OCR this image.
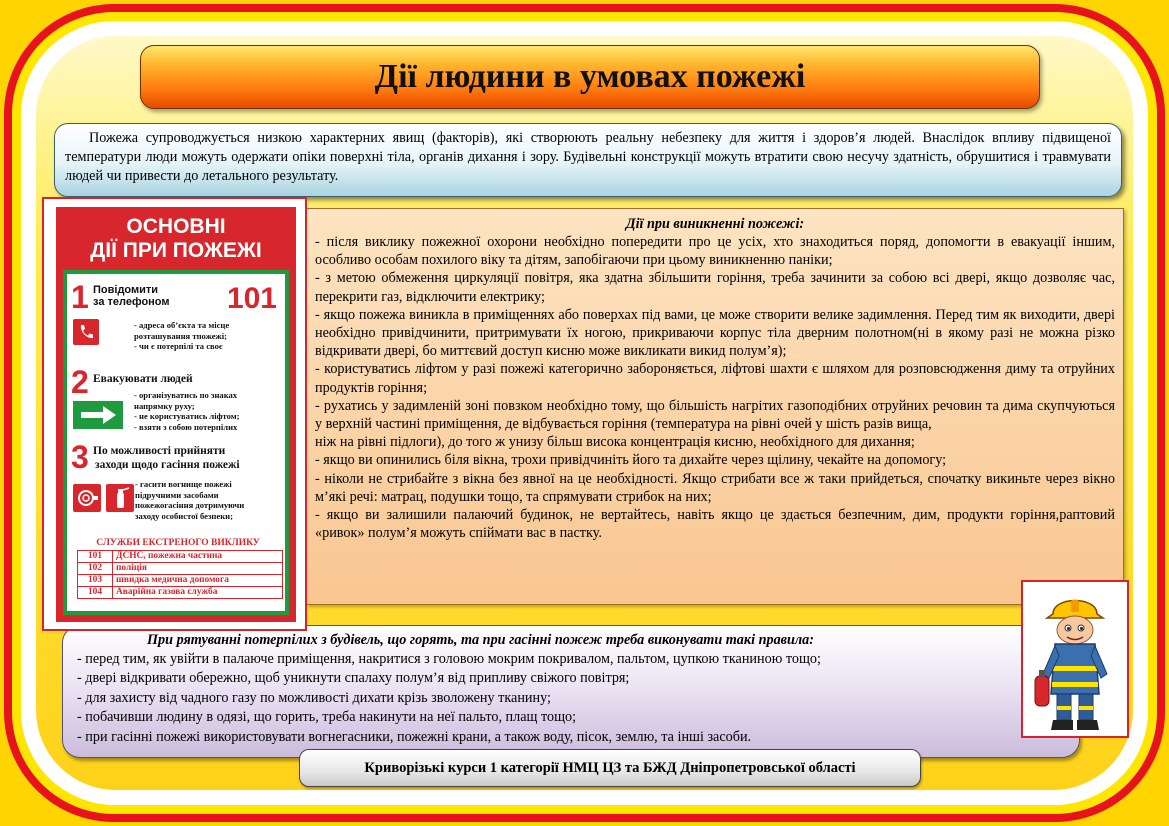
Дії людини в умовах пожежі

Пожежа супроводжується низкою характерних явищ (факторів), які створюють реальну небезпеку для життя і здоров’я людей. Внаслідок впливу підвищеної температури люди можуть одержати опіки поверхні тіла, органів дихання і зору. Будівельні конструкції можуть втратити свою несучу здатність, обрушитися і травмувати людей чи привести до летального результату.

Дії при виникненні пожежі:

- після виклику пожежної охорони необхідно попередити про це усіх, хто знаходиться поряд, допомогти в евакуації іншим, особливо особам похилого віку та дітям, запобігаючи при цьому виникненню паніки;

- з метою обмеження циркуляції повітря, яка здатна збільшити горіння, треба зачинити за собою всі двері, якщо дозволяє час, перекрити газ, відключити електрику;

- якщо пожежа виникла в приміщеннях або поверхах під вами, це може створити велике задимлення. Перед тим як виходити, двері необхідно привідчинити, притримувати їх ногою, прикриваючи корпус тіла дверним полотном(ні в якому разі не можна різко відкривати двері, бо миттєвий доступ кисню може викликати викид полум’я);

- користуватись ліфтом у разі пожежі категорично забороняється, ліфтові шахти є шляхом для розповсюдження диму та отруйних продуктів горіння;

- рухатись у задимленій зоні повзком необхідно тому, що більшість нагрітих газоподібних отруйних речовин та дима скупчуються у верхній частині приміщення, де відбувається горіння (температура на рівні очей у шість разів вища,

ніж на рівні підлоги), до того ж унизу більш висока концентрація кисню, необхідного для дихання;

- якщо ви опинились біля вікна, трохи привідчиніть його та дихайте через щілину, чекайте на допомогу;

- ніколи не стрибайте з вікна без явної на це необхідності. Якщо стрибати все ж таки прийдеться, спочатку викиньте через вікно м’які речі: матрац, подушки тощо, та спрямувати стрибок на них;

- якщо ви залишили палаючий будинок, не вертайтесь, навіть якщо це здається безпечним, дим, продукти горіння,раптовий «ривок» полум’я можуть спіймати вас в пастку.

При рятуванні потерпілих з будівель, що горять, та при гасінні пожеж треба виконувати такі правила:

- перед тим, як увійти в палаюче приміщення, накритися з головою мокрим покривалом, пальтом, цупкою тканиною тощо;

- двері відкривати обережно, щоб уникнути спалаху полум’я від припливу свіжого повітря;

- для захисту від чадного газу по можливості дихати крізь зволожену тканину;

- побачивши людину в одязі, що горить, треба накинути на неї пальто, плащ тощо;

- при гасінні пожежі використовувати вогнегасники, пожежні крани, а також воду, пісок, землю, та інші засоби.

Криворізькі курси 1 категорії НМЦ ЦЗ та БЖД Дніпропетровської області
ОСНОВНІ
ДІЇ ПРИ ПОЖЕЖІ
1 Повідомити
за телефоном 101
- адреса об’єкта та місце
розташування тпожежі;
- чи є потерпілі та своє
2 Евакуювати людей
- організуватись по знаках
напрямку руху;
- не користуватись ліфтом;
- взяти з собою потерпілих
3 По можливості прийняти
заходи щодо гасіння пожежі
- гасити вогнище пожежі
підручними засобами
пожежогасіння дотримуючи
заходу особистої безпеки;
СЛУЖБИ ЕКСТРЕНОГО ВИКЛИКУ
101	ДСНС, пожежна частина
102	поліція
103	швидка медична допомога
104	Аварійна газова служба
